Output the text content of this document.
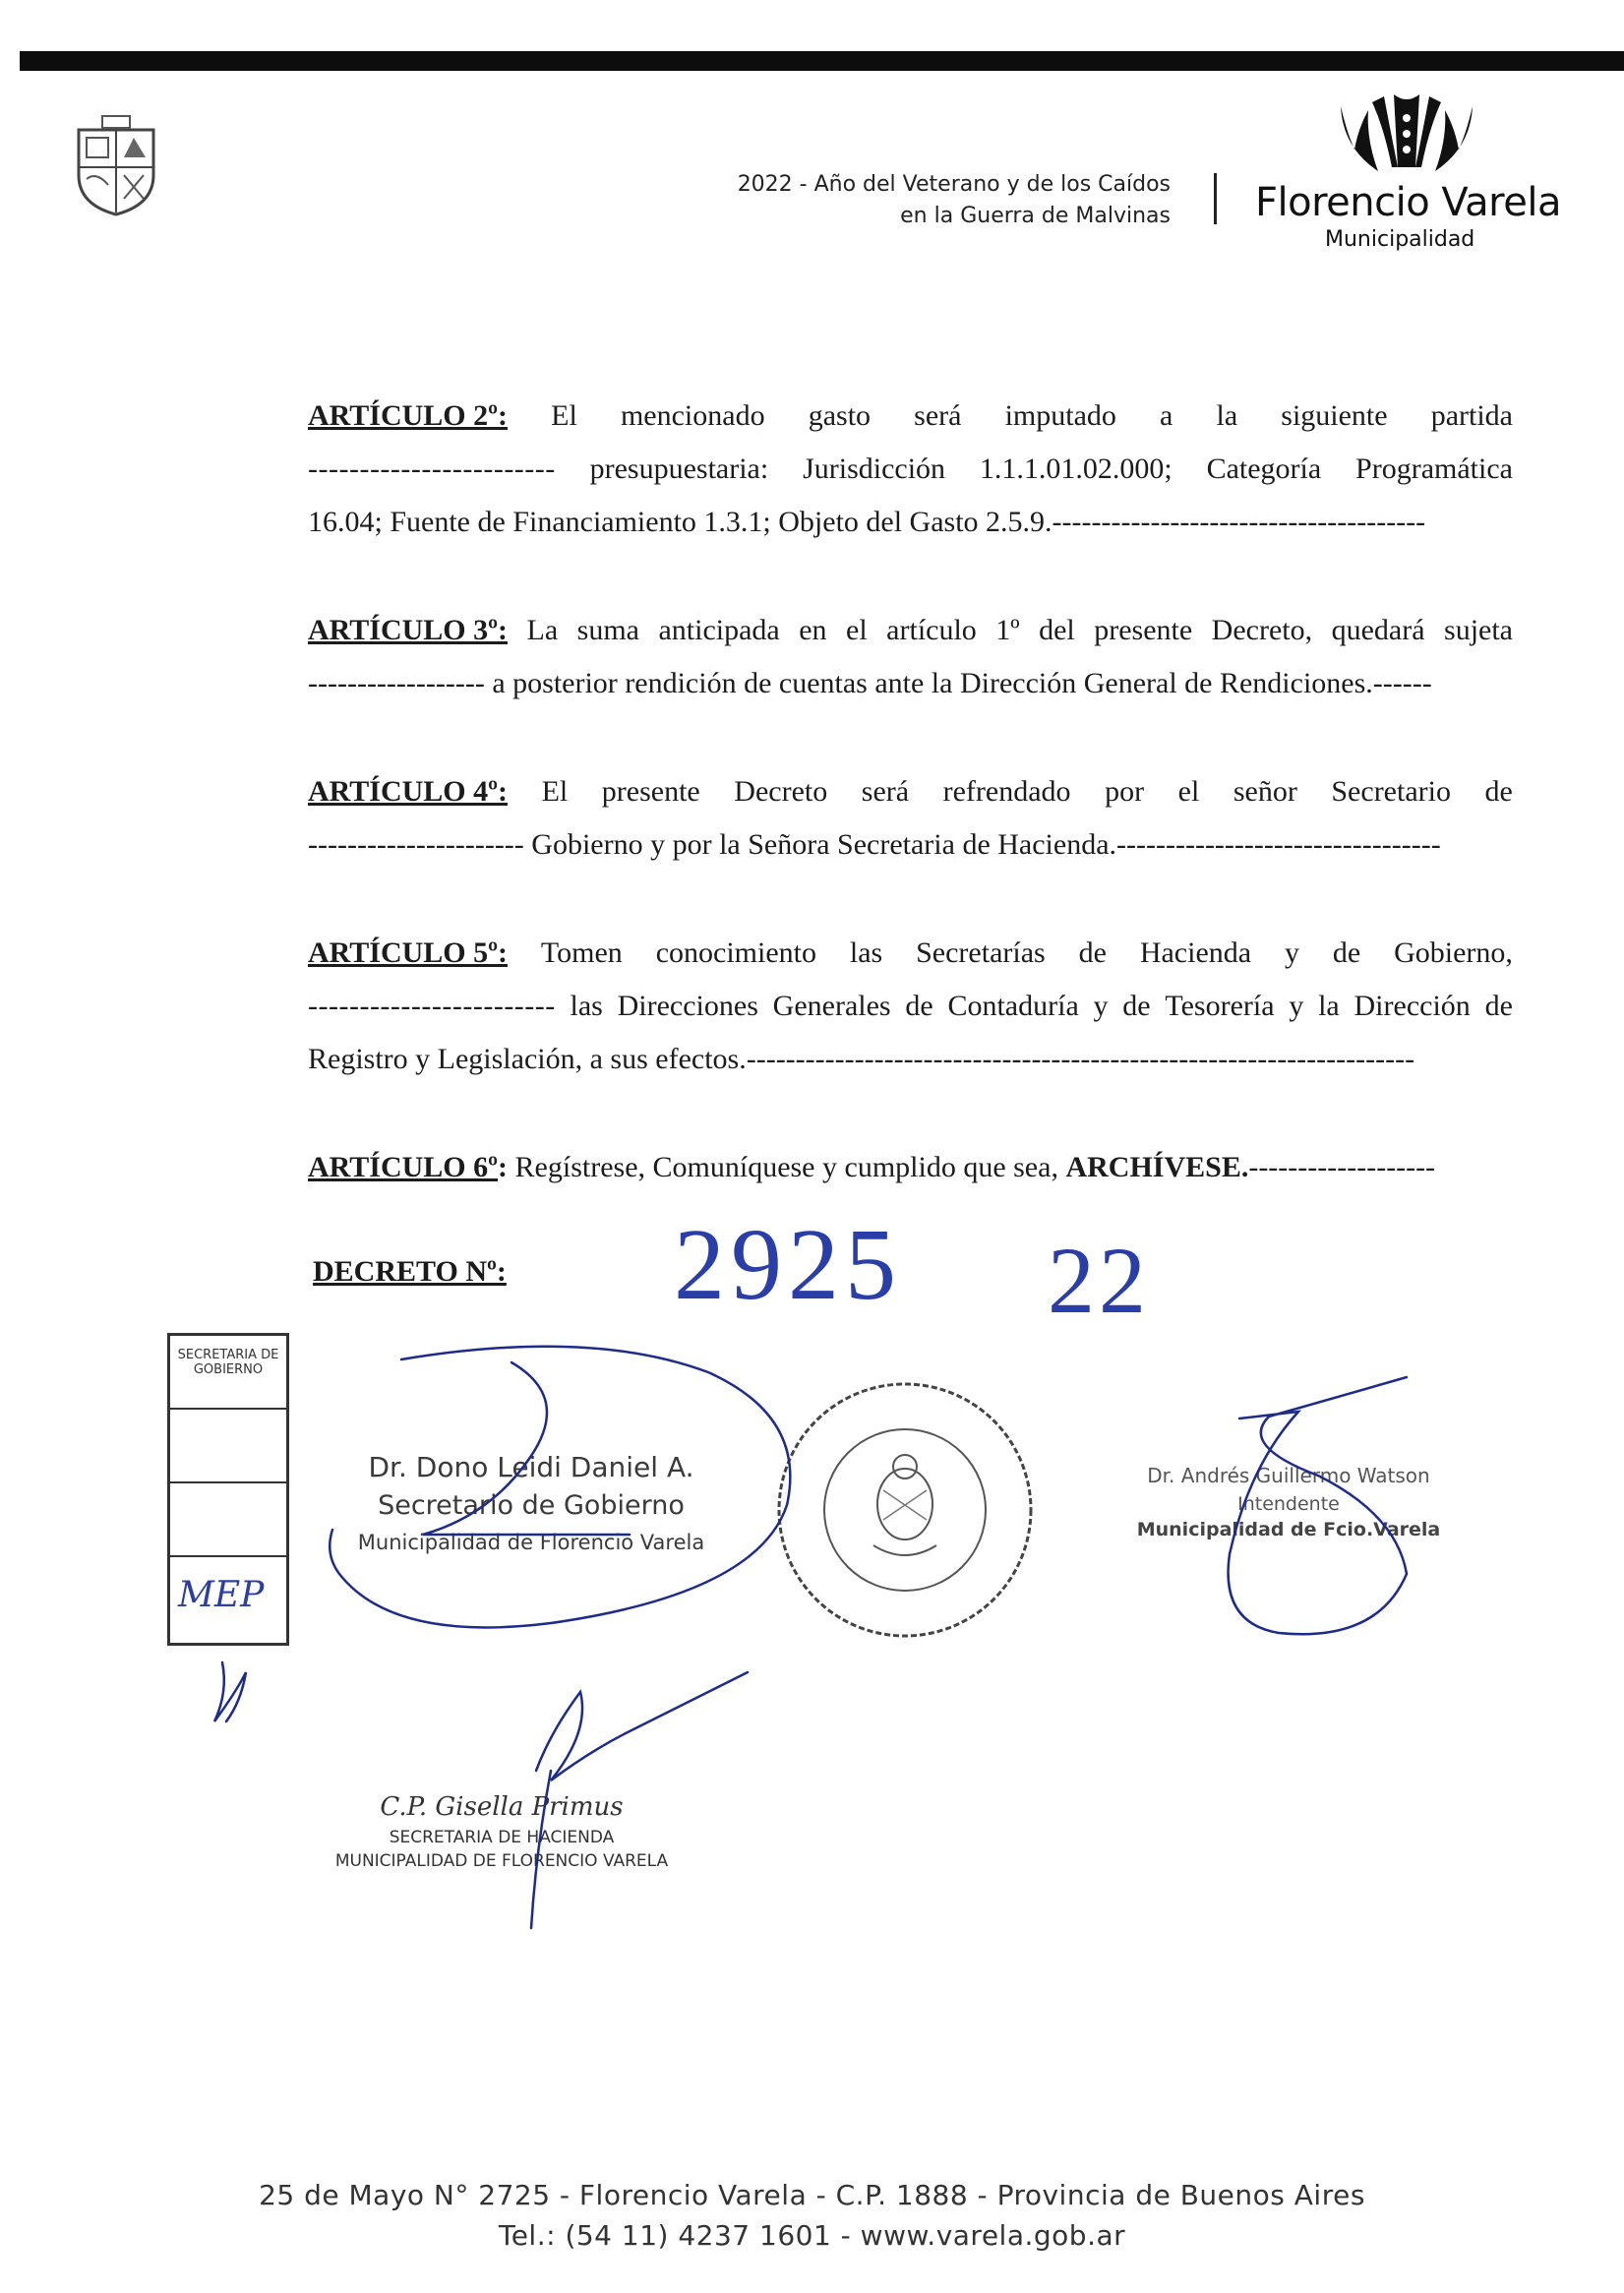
2022 - Año del Veterano y de los Caídos
en la Guerra de Malvinas Florencio Varela
Municipalidad
ARTÍCULO 2º: El mencionado gasto será imputado a la siguiente partida
------------------------ presupuestaria: Jurisdicción 1.1.1.01.02.000; Categoría Programática
16.04; Fuente de Financiamiento 1.3.1; Objeto del Gasto 2.5.9.--------------------------------------
ARTÍCULO 3º: La suma anticipada en el artículo 1º del presente Decreto, quedará sujeta
------------------ a posterior rendición de cuentas ante la Dirección General de Rendiciones.------
ARTÍCULO 4º: El presente Decreto será refrendado por el señor Secretario de
---------------------- Gobierno y por la Señora Secretaria de Hacienda.---------------------------------
ARTÍCULO 5º: Tomen conocimiento las Secretarías de Hacienda y de Gobierno,
------------------------ las Direcciones Generales de Contaduría y de Tesorería y la Dirección de
Registro y Legislación, a sus efectos.--------------------------------------------------------------------
ARTÍCULO 6º : Regístrese, Comuníquese y cumplido que sea, ARCHÍVESE. -------------------
DECRETO Nº: 2925 22
SECRETARIA DE GOBIERNO
MEP
Dr. Dono Leidi Daniel A.
Secretario de Gobierno
Municipalidad de Florencio Varela
Dr. Andrés Guillermo Watson
Intendente
Municipalidad de Fcio.Varela
C.P. Gisella Primus
SECRETARIA DE HACIENDA
MUNICIPALIDAD DE FLORENCIO VARELA
25 de Mayo N° 2725 - Florencio Varela - C.P. 1888 - Provincia de Buenos Aires
Tel.: (54 11) 4237 1601 - www.varela.gob.ar
